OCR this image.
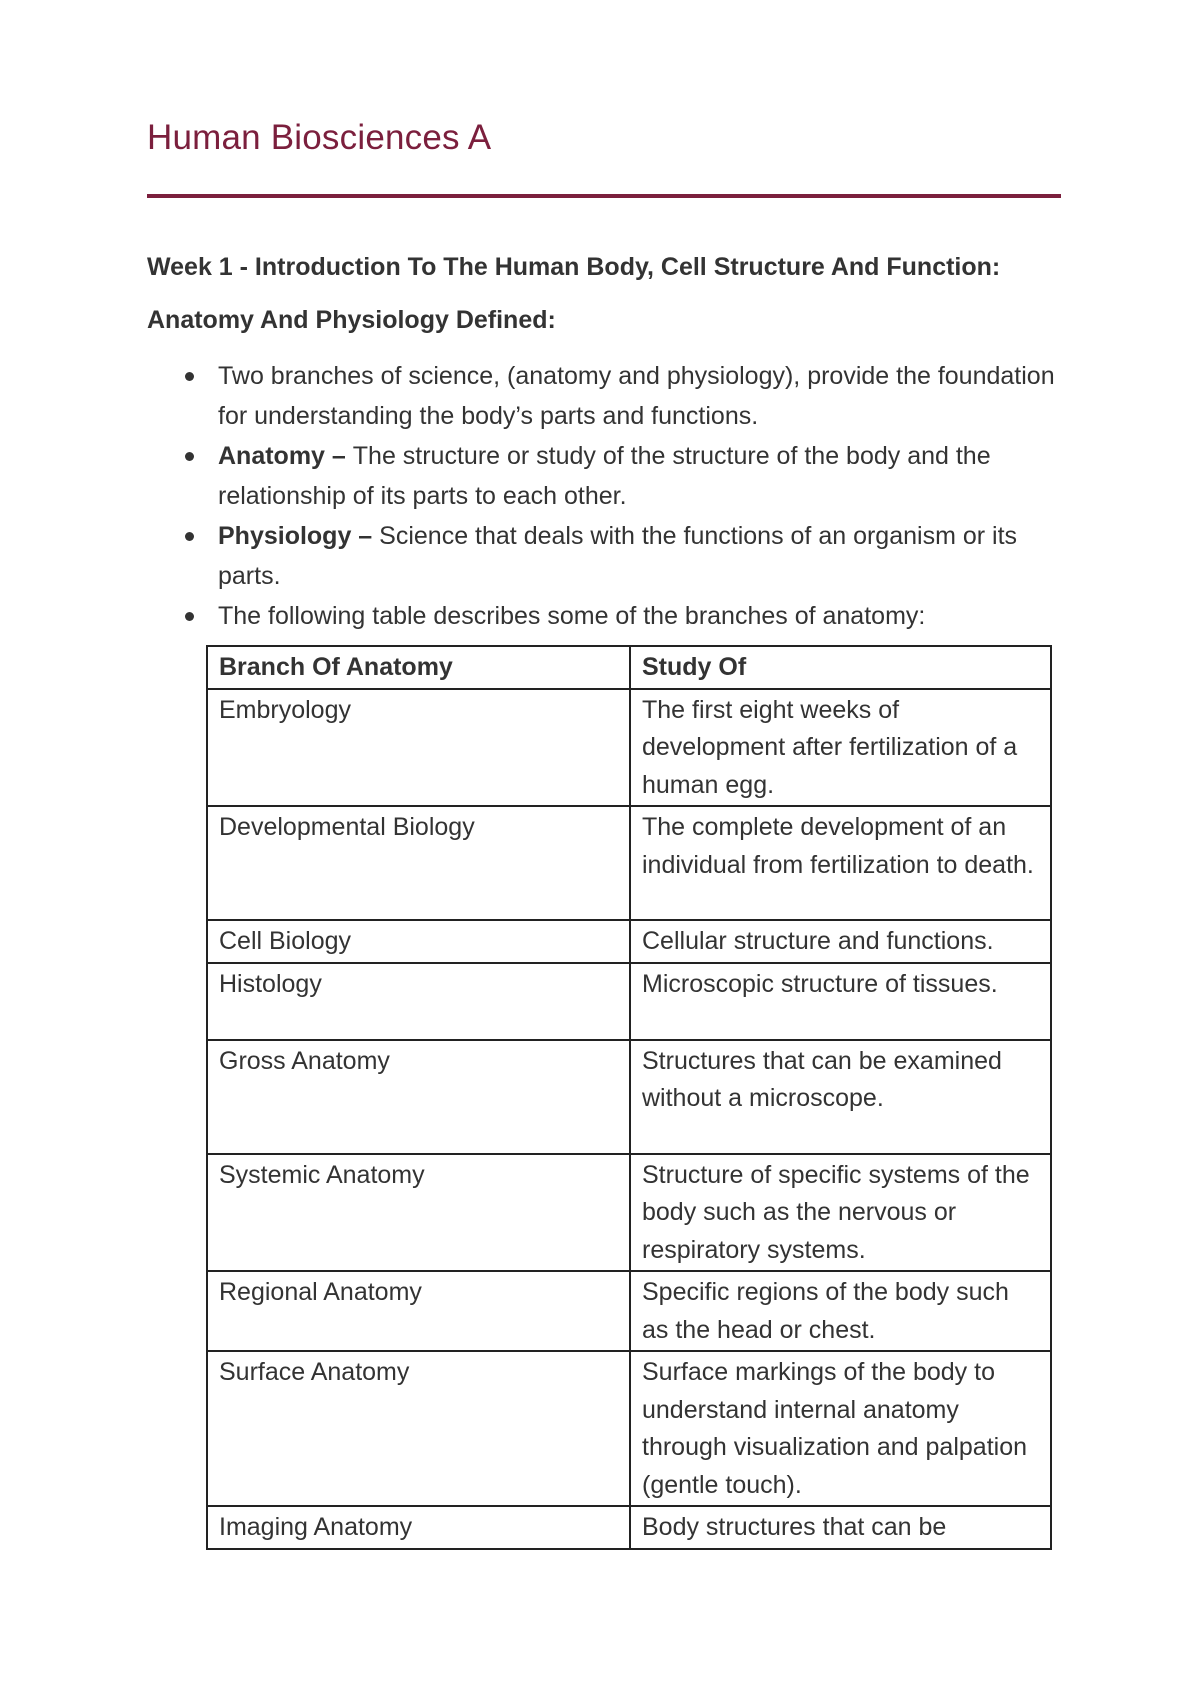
Human Biosciences A
Week 1 - Introduction To The Human Body, Cell Structure And Function:
Anatomy And Physiology Defined:
Two branches of science, (anatomy and physiology), provide the foundation for understanding the body’s parts and functions.
Anatomy – The structure or study of the structure of the body and the relationship of its parts to each other.
Physiology – Science that deals with the functions of an organism or its parts.
The following table describes some of the branches of anatomy:
Branch Of Anatomy	Study Of
Embryology	The first eight weeks of development after fertilization of a human egg.
Developmental Biology	The complete development of an individual from fertilization to death.
Cell Biology	Cellular structure and functions.
Histology	Microscopic structure of tissues.
Gross Anatomy	Structures that can be examined without a microscope.
Systemic Anatomy	Structure of specific systems of the body such as the nervous or respiratory systems.
Regional Anatomy	Specific regions of the body such as the head or chest.
Surface Anatomy	Surface markings of the body to understand internal anatomy through visualization and palpation (gentle touch).
Imaging Anatomy	Body structures that can be
